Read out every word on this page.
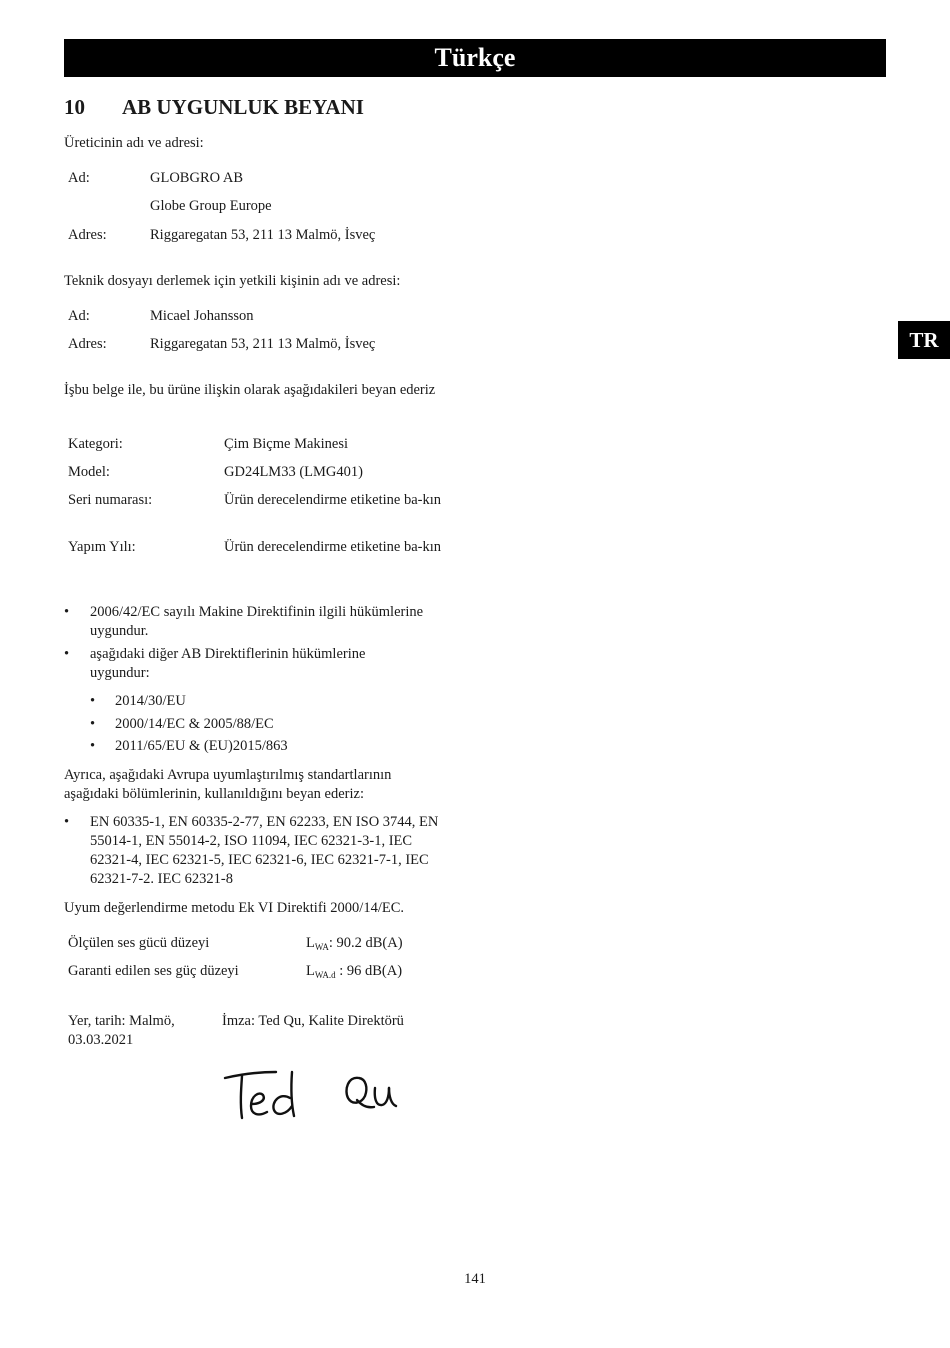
Türkçe
TR
10 AB UYGUNLUK BEYANI
Üreticinin adı ve adresi:
Ad:	GLOBGRO AB
Globe Group Europe
Adres:	Riggaregatan 53, 211 13 Malmö, İsveç
Teknik dosyayı derlemek için yetkili kişinin adı ve adresi:
Ad:	Micael Johansson
Adres:	Riggaregatan 53, 211 13 Malmö, İsveç
İşbu belge ile, bu ürüne ilişkin olarak aşağıdakileri beyan ederiz
Kategori:	Çim Biçme Makinesi
Model:	GD24LM33 (LMG401)
Seri numarası:	Ürün derecelendirme etiketine ba-kın
Yapım Yılı:	Ürün derecelendirme etiketine ba-kın
• 2006/42/EC sayılı Makine Direktifinin ilgili hükümlerine uygundur.
• aşağıdaki diğer AB Direktiflerinin hükümlerine uygundur:
• 2014/30/EU
• 2000/14/EC & 2005/88/EC
• 2011/65/EU & (EU)2015/863
Ayrıca, aşağıdaki Avrupa uyumlaştırılmış standartlarının aşağıdaki bölümlerinin, kullanıldığını beyan ederiz:
• EN 60335-1, EN 60335-2-77, EN 62233, EN ISO 3744, EN 55014-1, EN 55014-2, ISO 11094, IEC 62321-3-1, IEC 62321-4, IEC 62321-5, IEC 62321-6, IEC 62321-7-1, IEC 62321-7-2. IEC 62321-8
Uyum değerlendirme metodu Ek VI Direktifi 2000/14/EC.
Ölçülen ses gücü düzeyi	$L_{WA}$: 90.2 dB(A)
Garanti edilen ses güç düzeyi	$L_{WA.d}$ : 96 dB(A)
Yer, tarih: Malmö, 03.03.2021
İmza: Ted Qu, Kalite Direktörü
141
